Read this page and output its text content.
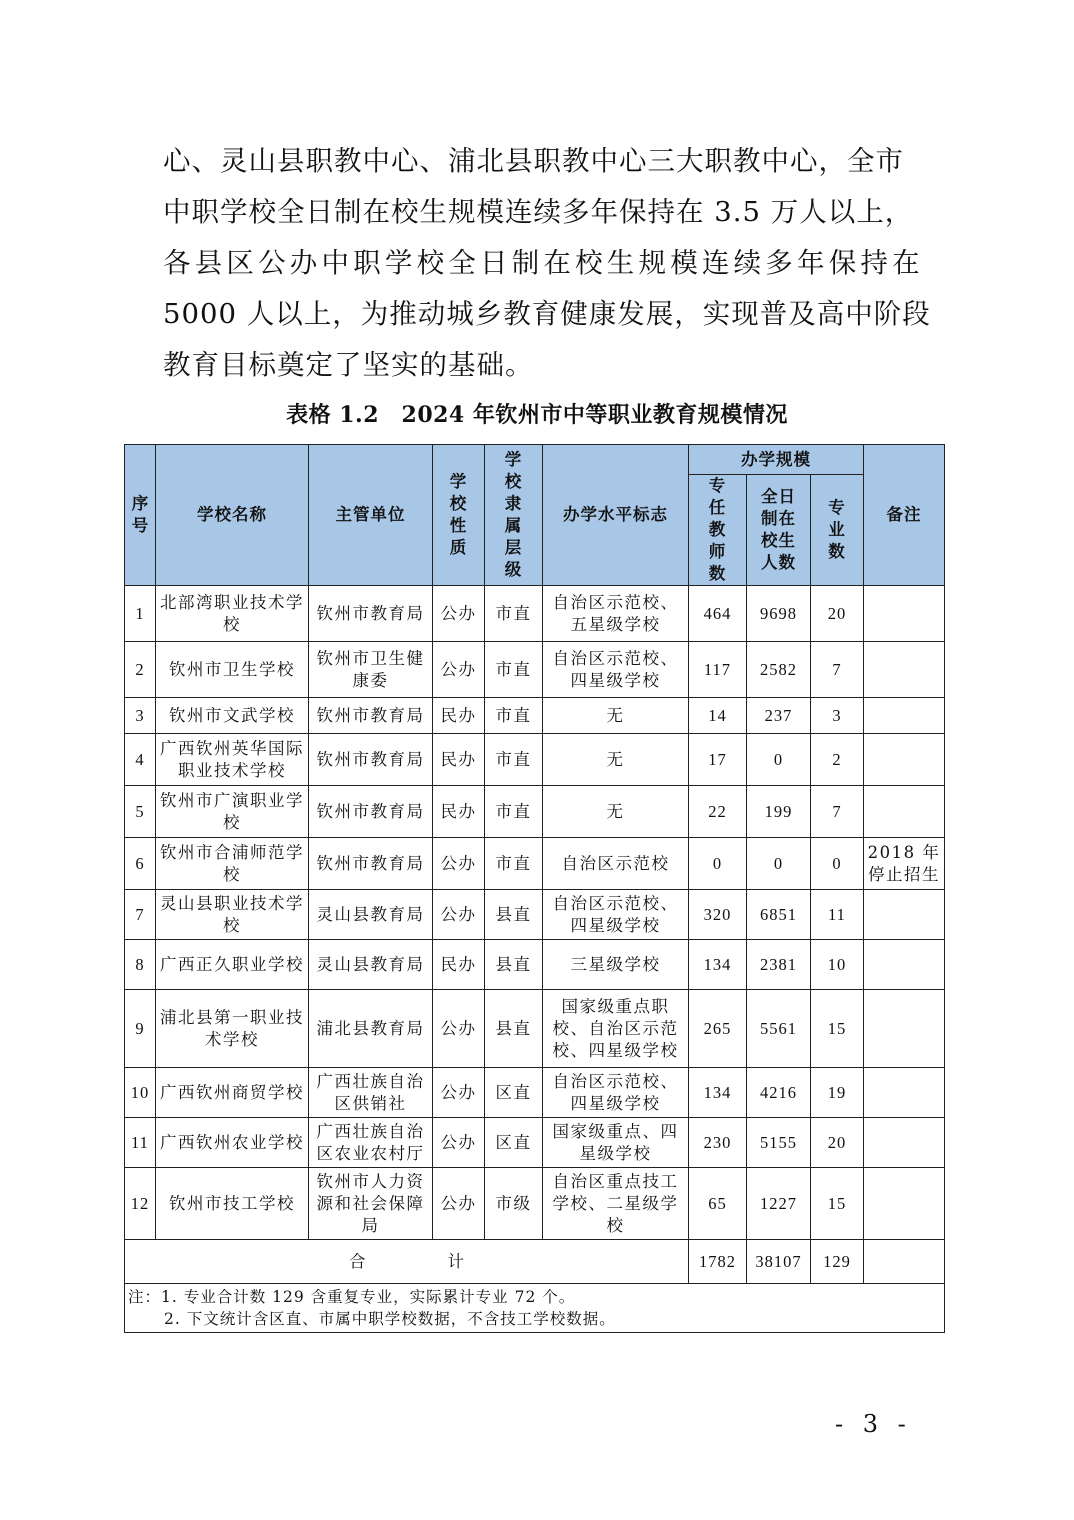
心、灵山县职教中心、浦北县职教中心三大职教中心，全市
中职学校全日制在校生规模连续多年保持在 3.5 万人以上，
各县区公办中职学校全日制在校生规模连续多年保持在
5000 人以上，为推动城乡教育健康发展，实现普及高中阶段
教育目标奠定了坚实的基础。
表格 1.2　2024 年钦州市中等职业教育规模情况
序号	学校名称	主管单位	学校性质	学校隶属层级	办学水平标志	办学规模			备注

						专任教师数	全日制在校生人数	专业数	

1	北部湾职业技术学校	钦州市教育局	公办	市直	自治区示范校、五星级学校	464	9698	20	
2	钦州市卫生学校	钦州市卫生健康委	公办	市直	自治区示范校、四星级学校	117	2582	7	
3	钦州市文武学校	钦州市教育局	民办	市直	无	14	237	3	
4	广西钦州英华国际职业技术学校	钦州市教育局	民办	市直	无	17	0	2	
5	钦州市广演职业学校	钦州市教育局	民办	市直	无	22	199	7	
6	钦州市合浦师范学校	钦州市教育局	公办	市直	自治区示范校	0	0	0	2018 年停止招生
7	灵山县职业技术学校	灵山县教育局	公办	县直	自治区示范校、四星级学校	320	6851	11	
8	广西正久职业学校	灵山县教育局	民办	县直	三星级学校	134	2381	10	
9	浦北县第一职业技术学校	浦北县教育局	公办	县直	国家级重点职校、自治区示范校、四星级学校	265	5561	15	
10	广西钦州商贸学校	广西壮族自治区供销社	公办	区直	自治区示范校、四星级学校	134	4216	19	
11	广西钦州农业学校	广西壮族自治区农业农村厅	公办	区直	国家级重点、四星级学校	230	5155	20	
12	钦州市技工学校	钦州市人力资源和社会保障局	公办	市级	自治区重点技工学校、二星级学校	65	1227	15	
合 计						1782	38107	129	

注：1. 专业合计数 129 含重复专业，实际累计专业 72 个。
2. 下文统计含区直、市属中职学校数据，不含技工学校数据。									
- 3 -
